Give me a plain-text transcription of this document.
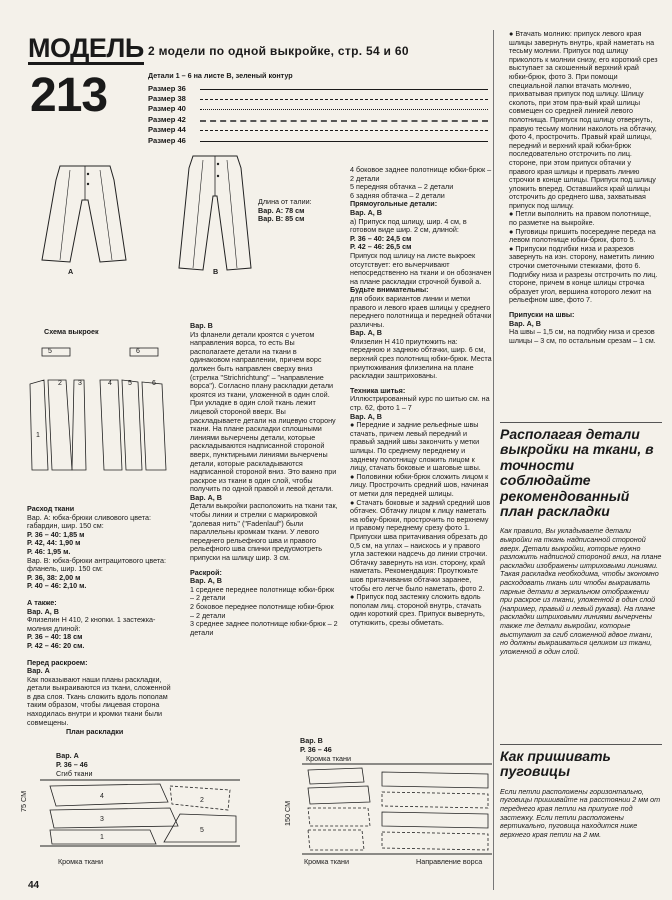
МОДЕЛЬ
213
2 модели по одной выкройке, стр. 54 и 60
Детали 1 – 6 на листе В, зеленый контур
Размер 36
Размер 38
Размер 40
Размер 42
Размер 44
Размер 46
А	В
Длина от талии:
Вар. А: 78 см
Вар. В: 85 см
Схема выкроек
5	6
1
2 3	4 5	6
Расход ткани
Вар. А: юбка-брюки сливового цвета: габардин, шир. 150 см:
Р. 36 – 40: 1,85 м
Р. 42, 44: 1,90 м
Р. 46: 1,95 м.
Вар. В: юбка-брюки антрацитового цвета: фланель, шир. 150 см:
Р. 36, 38: 2,00 м
Р. 40 – 46: 2,10 м.
А также:
Вар. А, В
Флизелин Н 410, 2 кнопки. 1 застежка-молния длиной:
Р. 36 – 40: 18 см
Р. 42 – 46: 20 см.
Перед раскроем:
Вар. А
Как показывают наши планы раскладки, детали выкраиваются из ткани, сложенной в два слоя. Ткань сложить вдоль пополам таким образом, чтобы лицевая сторона находилась внутри и кромки ткани были совмещены.
Вар. В
Из фланели детали кроятся с учетом направления ворса, то есть Вы располагаете детали на ткани в одинаковом направлении, причем ворс должен быть направлен сверху вниз (стрелка "Strichrichtung" – "направление ворса"). Согласно плану раскладки детали кроятся из ткани, уложенной в один слой. При укладке в один слой ткань лежит лицевой стороной вверх. Вы раскладываете детали на лицевую сторону ткани. На плане раскладки сплошными линиями вычерчены детали, которые раскладываются надписанной стороной вверх, пунктирными линиями вычерчены детали, которые раскладываются надписанной стороной вниз. Это важно при раскрое из ткани в один слой, чтобы получить по одной правой и левой детали.
Вар. А, В
Детали выкройки расположить на ткани так, чтобы линии и стрелки с маркировкой "долевая нить" ("Fadenlauf") были параллельны кромкам ткани. У левого переднего рельефного шва и правого рельефного шва спинки предусмотреть припуски на шлицу шир. 3 см.
Раскрой:
Вар. А, В
1 среднее переднее полотнище юбки-брюк – 2 детали
2 боковое переднее полотнище юбки-брюк – 2 детали
3 среднее заднее полотнище юбки-брюк – 2 детали
4 боковое заднее полотнище юбки-брюк – 2 детали
5 передняя обтачка – 2 детали
6 задняя обтачка – 2 детали
Прямоугольные детали:
Вар. А, В
a) Припуск под шлицу, шир. 4 см, в готовом виде шир. 2 см, длиной:
Р. 36 – 40: 24,5 см
Р. 42 – 46: 26,5 см
Припуск под шлицу на листе выкроек отсутствует: его вычерчивают непосредственно на ткани и он обозначен на плане раскладки строчной буквой a.
Будьте внимательны:
для обоих вариантов линии и метки правого и левого краев шлицы у среднего переднего полотнища и передней обтачки различны.
Вар. А, В
Флизелин Н 410 приутюжить на: переднюю и заднюю обтачки, шир. 6 см, верхний срез полотнищ юбки-брюк. Места приутюживания флизелина на плане раскладки заштрихованы.
Техника шитья:
Иллюстрированный курс по шитью см. на стр. 62, фото 1 – 7
Вар. А, В
● Передние и задние рельефные швы стачать, причем левый передний и правый задний швы закончить у метки шлицы. По среднему переднему и заднему полотнищу сложить лицом к лицу, стачать боковые и шаговые швы.
● Половинки юбки-брюк сложить лицом к лицу. Прострочить средний шов, начиная от метки для передней шлицы.
● Стачать боковые и задний средний шов обтачек. Обтачку лицом к лицу наметать на юбку-брюки, прострочить по верхнему и правому переднему срезу фото 1. Припуски шва притачивания обрезать до 0,5 см, на углах – наискось и у правого угла застежки надсечь до линии строчки. Обтачку завернуть на изн. сторону, край наметать. Рекомендация: Проутюжьте шов притачивания обтачки заранее, чтобы его легче было наметать, фото 2.
● Припуск под застежку сложить вдоль пополам лиц. стороной внутрь, стачать один короткий срез. Припуск вывернуть, отутюжить, срезы обметать.
● Втачать молнию: припуск левого края шлицы завернуть внутрь, край наметать на тесьму молнии. Припуск под шлицу приколоть к молнии снизу, его короткий срез выступает за скошенный верхний край юбки-брюк, фото 3. При помощи специальной лапки втачать молнию, прихватывая припуск под шлицу. Шлицу сколоть, при этом пра-вый край шлицы совмещен со средней линией левого полотнища. Припуск под шлицу отвернуть, правую тесьму молнии наколоть на обтачку, фото 4, прострочить. Правый край шлицы, передний и верхний край юбки-брюк последовательно отстрочить по лиц. стороне, при этом припуск обтачки у правого края шлицы и прервать линию строчки в конце шлицы. Припуск под шлицу уложить вперед. Оставшийся край шлицы отстрочить до среднего шва, захватывая припуск под шлицу.
● Петли выполнить на правом полотнище, по разметке на выкройке.
● Пуговицы пришить посередине переда на левом полотнище юбки-брюк, фото 5.
● Припуски подгибки низа и разрезов завернуть на изн. сторону, наметить линию строчки сметочными стежками, фото 6. Подгибку низа и разрезы отстрочить по лиц. стороне, причем в конце шлицы строчка образует угол, вершина которого лежит на рельефном шве, фото 7.
Припуски на швы:
Вар. А, В
На швы – 1,5 см, на подгибку низа и срезов шлицы – 3 см, по остальным срезам – 1 см.
Располагая детали выкройки на ткани, в точности соблюдайте рекомендованный план раскладки
Как правило, Вы укладываете детали выкройки на ткань надписанной стороной вверх. Детали выкройки, которые нужно разложить надписной стороной вниз, на плане раскладки изображены штриховыми линиями. Такая раскладка необходима, чтобы экономно расходовать ткань или чтобы выкраивать парные детали в зеркальном отображении при раскрое из ткани, уложенной в один слой (например, правый и левый рукава). На плане раскладки штриховыми линиями вычерчены также те детали выкройки, которые выступают за сгиб сложенной вдвое ткани, но должны выкраиваться целиком из ткани, уложенной в один слой.
Как пришивать пуговицы
Если петли расположены горизонтально, пуговицы пришивайте на расстоянии 2 мм от переднего края петли на припуске под застежку. Если петли расположены вертикально, пуговица находится ниже верхнего края петли на 2 мм.
План раскладки
Вар. А
Р. 36 – 46
Сгиб ткани
75 СМ	4
3
1
2
5
Кромка ткани
Вар. В
Р. 36 – 46
Кромка ткани
150 СМ
Кромка ткани	Направление ворса
44
